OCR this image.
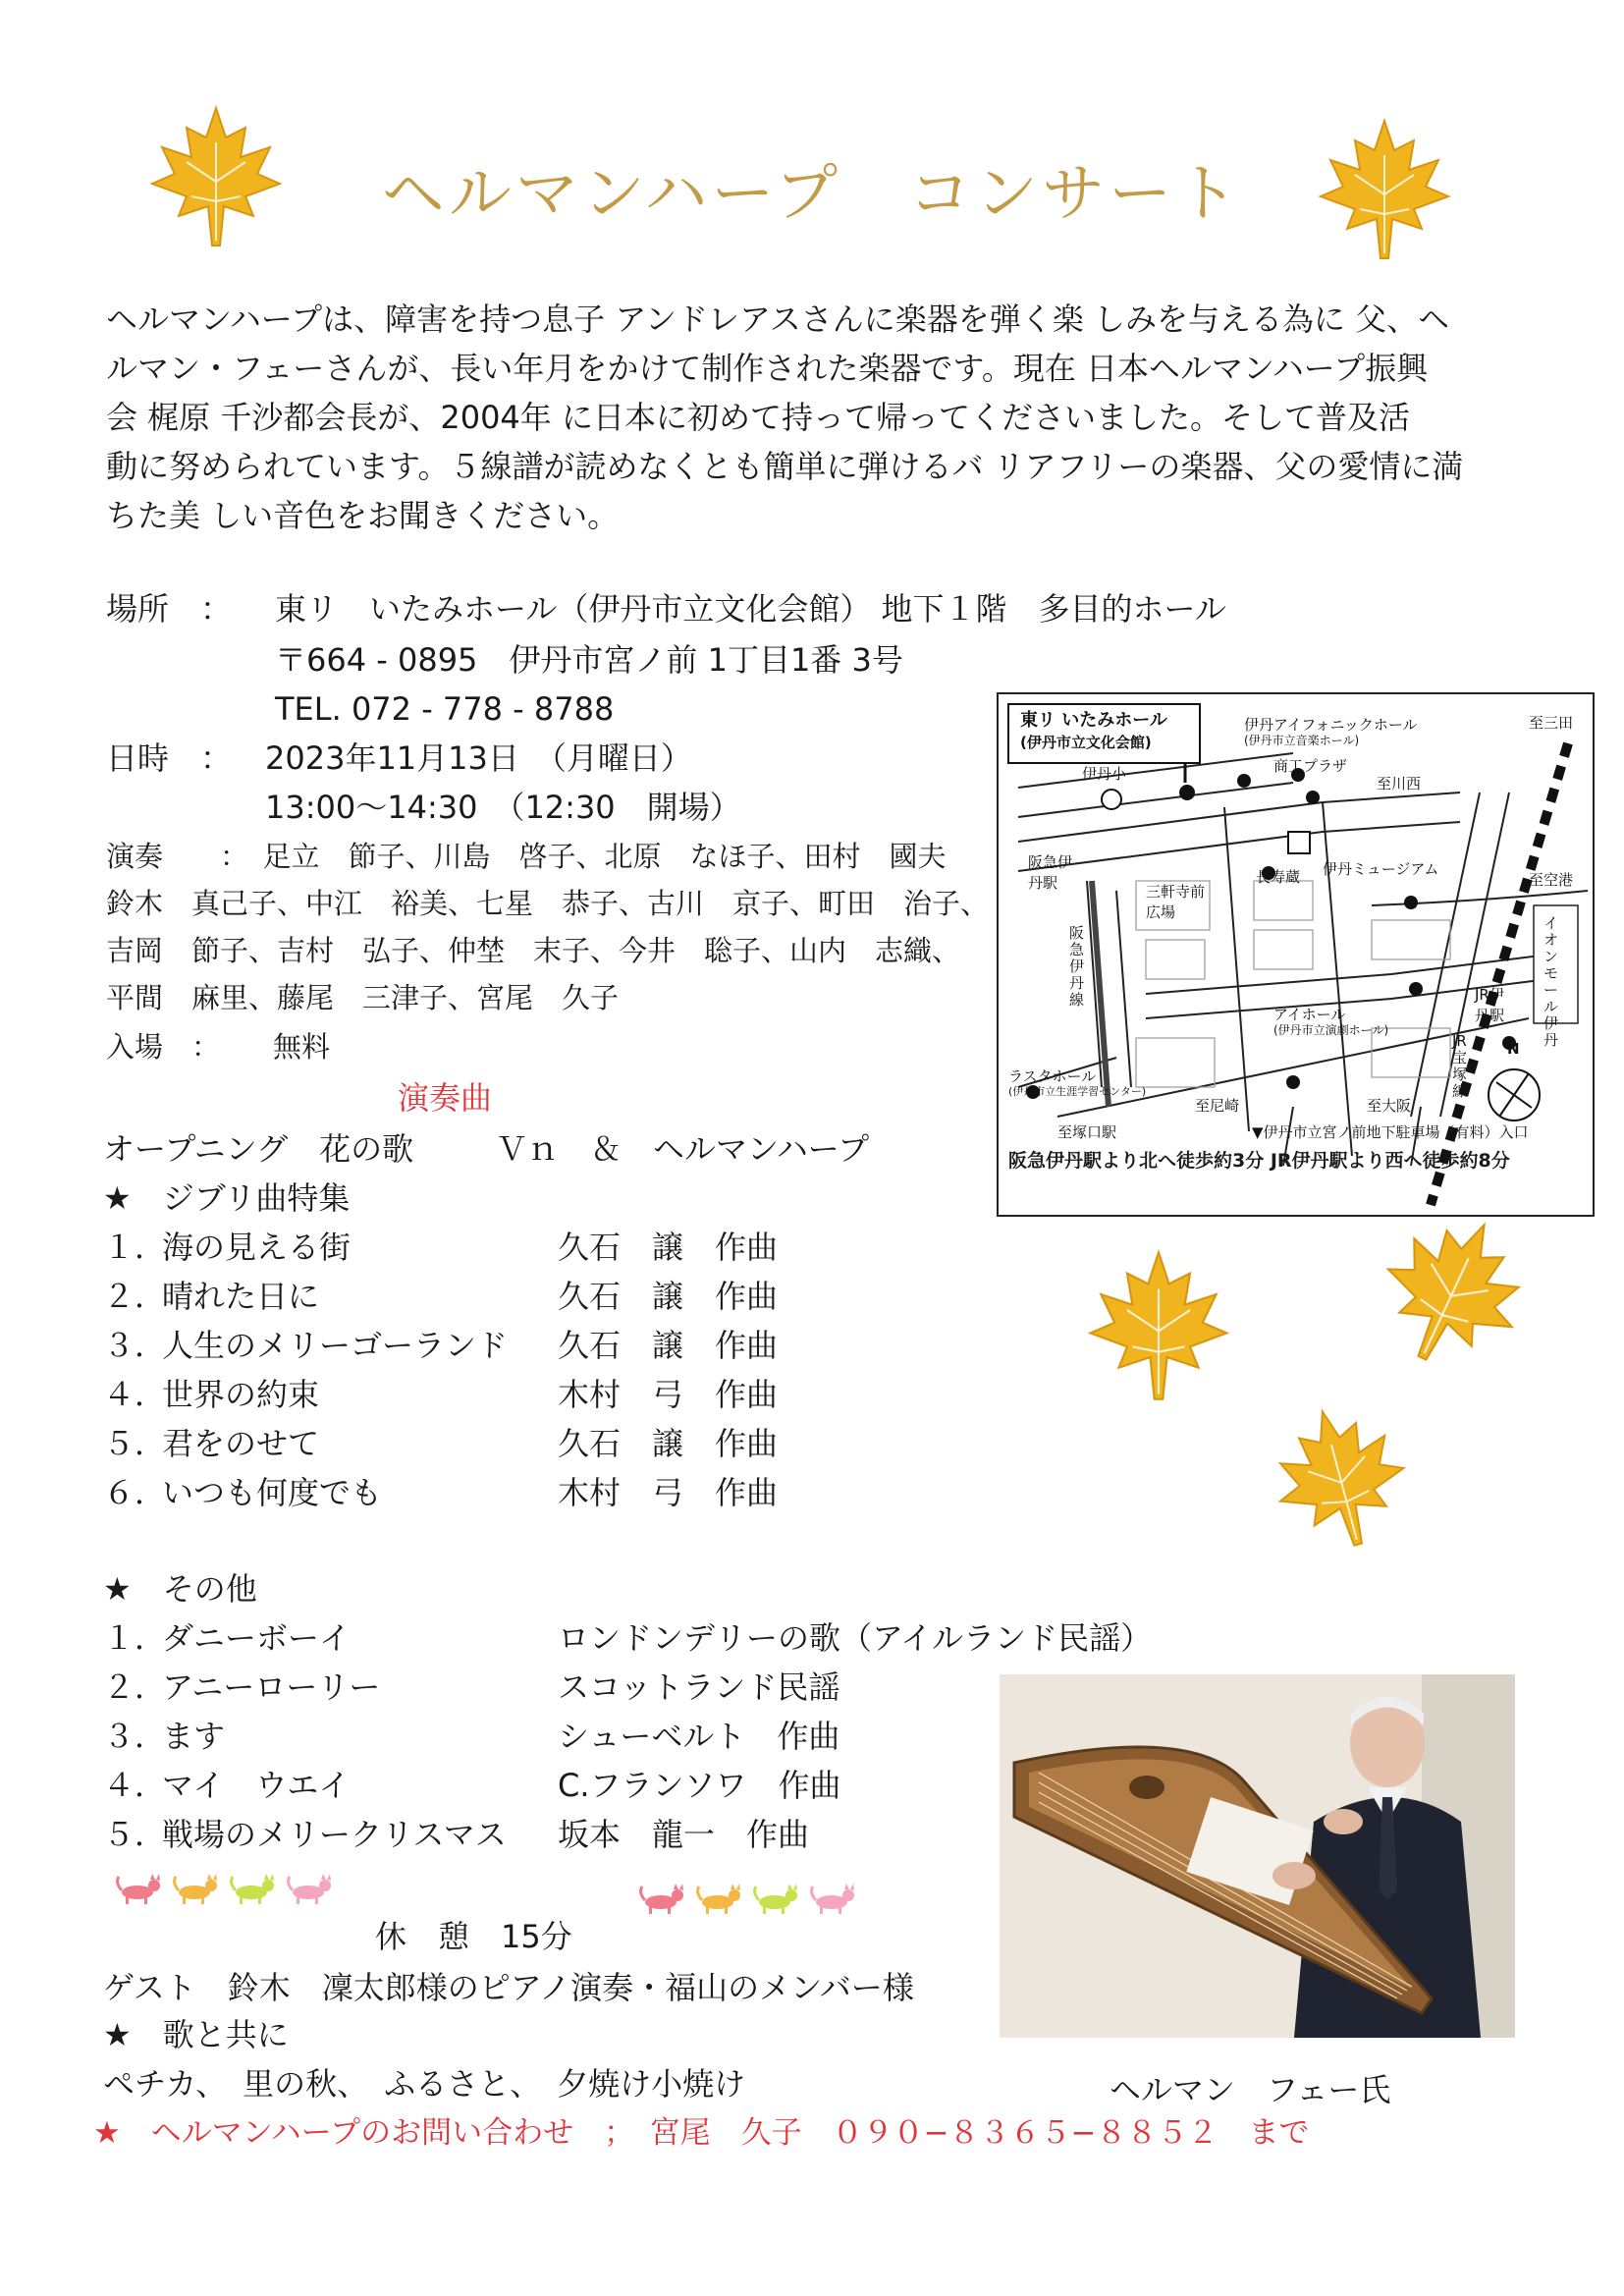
ヘルマンハープ　コンサート
ヘルマンハープは、障害を持つ息子 アンドレアスさんに楽器を弾く楽 しみを与える為に 父、ヘ
ルマン・フェーさんが、長い年月をかけて制作された楽器です。現在 日本ヘルマンハープ振興
会 梶原 千沙都会長が、2004年 に日本に初めて持って帰ってくださいました。そして普及活
動に努められています。５線譜が読めなくとも簡単に弾けるバ リアフリーの楽器、父の愛情に満
ちた美 しい音色をお聞きください。
場所　： 東リ　いたみホール（伊丹市立文化会館） 地下１階　多目的ホール
〒664 - 0895　伊丹市宮ノ前 1丁目1番 3号
TEL. 072 - 778 - 8788
日時　： 2023年11月13日　（月曜日）
13:00〜14:30　（12:30　開場）
演奏　　：　足立　節子、川島　啓子、北原　なほ子、田村　國夫
鈴木　真己子、中江　裕美、七星　恭子、古川　京子、町田　治子、
吉岡　節子、吉村　弘子、仲埜　末子、今井　聡子、山内　志織、
平間　麻里、藤尾　三津子、宮尾　久子
入場　： 無料
演奏曲
オープニング　花の歌	Ｖｎ　＆　ヘルマンハープ
★　ジブリ曲特集
１．
海の見える街	久石　譲　作曲
２．
晴れた日に	久石　譲　作曲
３．
人生のメリーゴーランド 久石　譲　作曲
４．
世界の約束	木村　弓　作曲
５．
君をのせて	久石　譲　作曲
６．
いつも何度でも	木村　弓　作曲
★　その他
１．
ダニーボーイ	ロンドンデリーの歌（アイルランド民謡）
２．
アニーローリー	スコットランド民謡
３．
ます	シューベルト　作曲
４．
マイ　ウエイ	C.フランソワ　作曲
５．
戦場のメリークリスマス 坂本　龍一　作曲
休　憩　15分
ゲスト　鈴木　凜太郎様のピアノ演奏・福山のメンバー様
★　歌と共に
ペチカ、　里の秋、　ふるさと、　夕焼け小焼け	ヘルマン　フェー氏
★　ヘルマンハープのお問い合わせ　；　宮尾　久子　０９０−８３６５−８８５２　まで
東リ いたみホール
(伊丹市立文化会館)
伊丹アイフォニックホール
(伊丹市立音楽ホール)
伊丹小	商工プラザ
至川西
至三田
阪急伊丹駅	三軒寺前広場
長寿蔵 伊丹ミュージアム
至空港
イオンモール伊丹
阪急伊丹線	JR伊丹駅
JR宝塚線
アイホール
(伊丹市立演劇ホール)
ラスタホール
(伊丹市立生涯学習センター)
至尼崎	至大阪
至塚口駅	▼伊丹市立宮ノ前地下駐車場（有料）入口
N
阪急伊丹駅より北へ徒歩約3分 JR伊丹駅より西へ徒歩約8分
